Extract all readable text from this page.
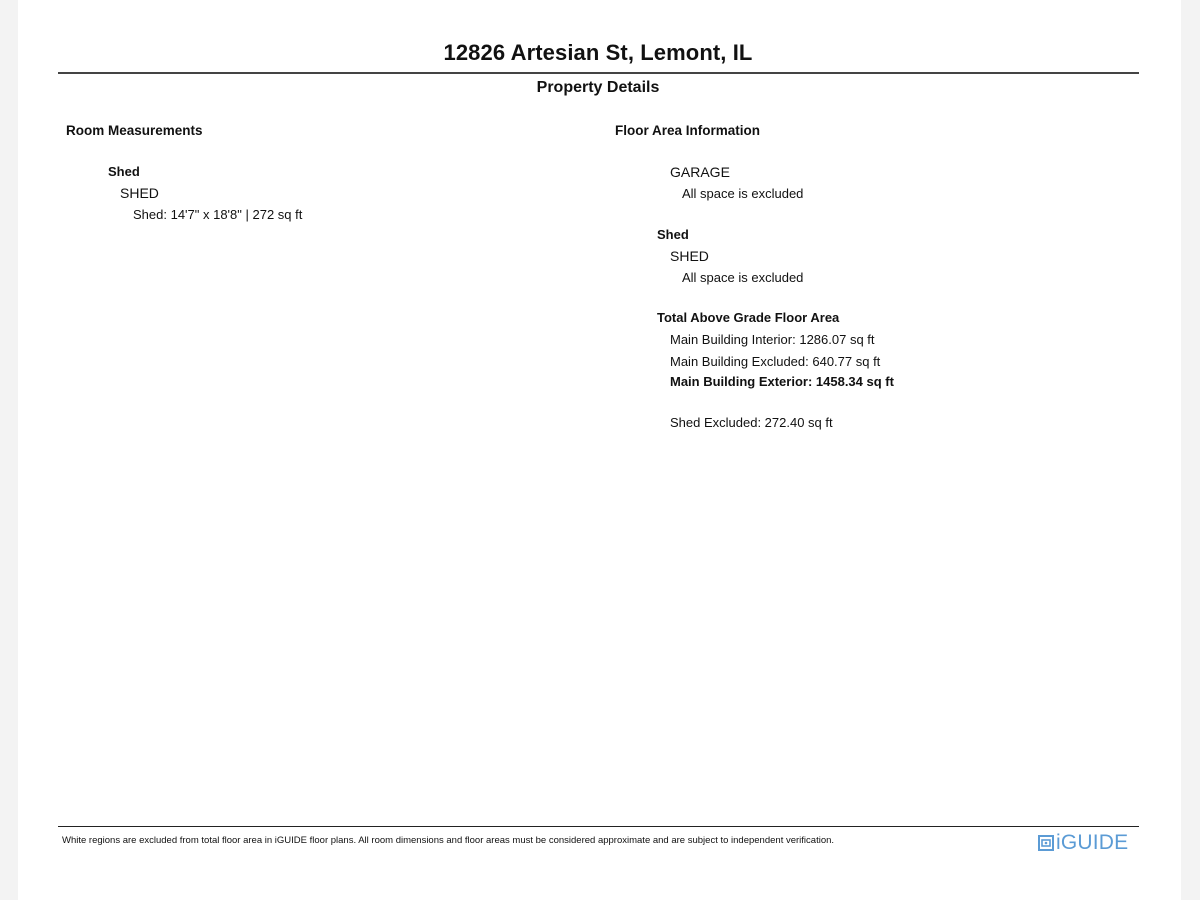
12826 Artesian St, Lemont, IL
Property Details
Room Measurements
Shed
SHED
Shed: 14'7" x 18'8" | 272 sq ft
Floor Area Information
GARAGE
All space is excluded
Shed
SHED
All space is excluded
Total Above Grade Floor Area
Main Building Interior: 1286.07 sq ft
Main Building Excluded: 640.77 sq ft
Main Building Exterior: 1458.34 sq ft
Shed Excluded: 272.40 sq ft
White regions are excluded from total floor area in iGUIDE floor plans. All room dimensions and floor areas must be considered approximate and are subject to independent verification.	iGUIDE
